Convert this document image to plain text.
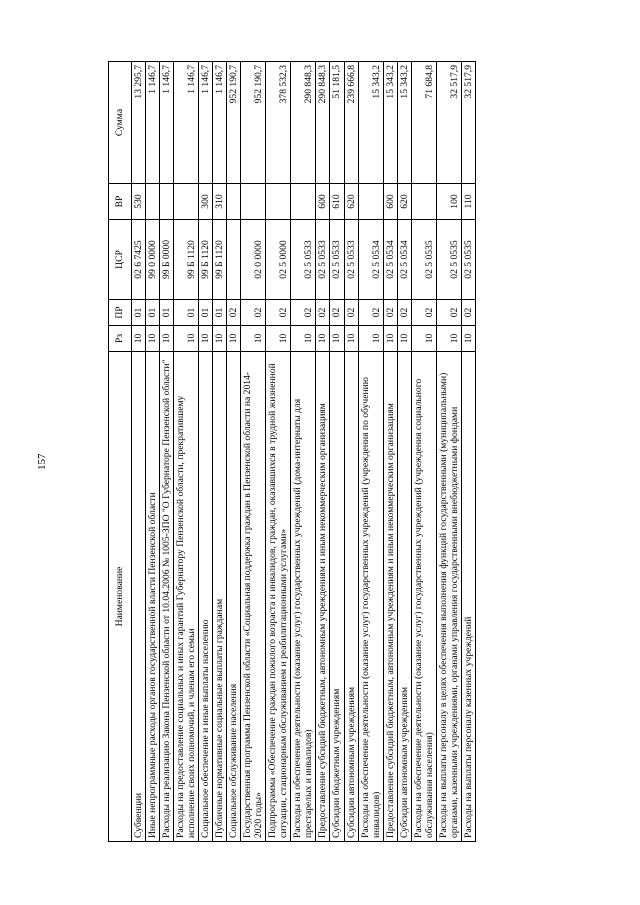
157
Наименование	Рз	ПР	ЦСР	ВР	Сумма
Субвенции	10	01	02 6 7425	530	13 295,7
Иные непрограммные расходы органов государственной власти Пензенской области	10	01	99 0 0000		1 146,7
Расходы на реализацию Закона Пензенской области от 10.04.2006 № 1005-ЗПО "О Губернаторе Пензенской области"	10	01	99 Б 0000		1 146,7
Расходы на предоставление социальных и иных гарантий Губернатору Пензенской области, прекратившему исполнение своих полномочий, и членам его семьи	10	01	99 Б 1120		1 146,7
Социальное обеспечение и иные выплаты населению	10	01	99 Б 1120	300	1 146,7
Публичные нормативные социальные выплаты гражданам	10	01	99 Б 1120	310	1 146,7
Социальное обслуживание населения	10	02			952 190,7
Государственная программа Пензенской области «Социальная поддержка граждан в Пензенской области на 2014-2020 годы»	10	02	02 0 0000		952 190,7
Подпрограмма «Обеспечение граждан пожилого возраста и инвалидов, граждан, оказавшихся в трудной жизненной ситуации, стационарным обслуживанием и реабилитационными услугами»	10	02	02 5 0000		378 532,3
Расходы на обеспечение деятельности (оказание услуг) государственных учреждений (дома-интернаты для престарелых и инвалидов)	10	02	02 5 0533		290 848,3
Предоставление субсидий бюджетным, автономным учреждениям и иным некоммерческим организациям	10	02	02 5 0533	600	290 848,3
Субсидии бюджетным учреждениям	10	02	02 5 0533	610	51 181,5
Субсидии автономным учреждениям	10	02	02 5 0533	620	239 666,8
Расходы на обеспечение деятельности (оказание услуг) государственных учреждений (учреждения по обучению инвалидов)	10	02	02 5 0534		15 343,2
Предоставление субсидий бюджетным, автономным учреждениям и иным некоммерческим организациям	10	02	02 5 0534	600	15 343,2
Субсидии автономным учреждениям	10	02	02 5 0534	620	15 343,2
Расходы на обеспечение деятельности (оказание услуг) государственных учреждений (учреждения социального обслуживания населения)	10	02	02 5 0535		71 684,8
Расходы на выплаты персоналу в целях обеспечения выполнения функций государственными (муниципальными) органами, казенными учреждениями, органами управления государственными внебюджетными фондами	10	02	02 5 0535	100	32 517,9
Расходы на выплаты персоналу казенных учреждений	10	02	02 5 0535	110	32 517,9
